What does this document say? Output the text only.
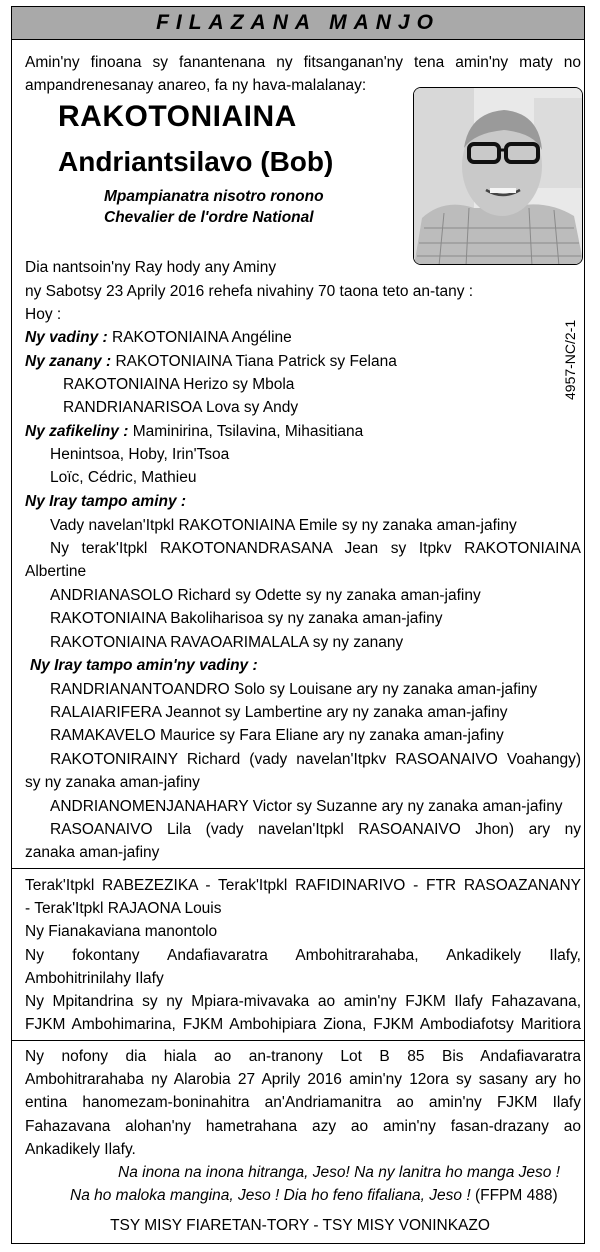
FILAZANA MANJO
Amin'ny finoana sy fanantenana ny fitsanganan'ny tena amin'ny maty no
ampandrenesanay anareo, fa ny hava-malalanay:
RAKOTONIAINA
Andriantsilavo (Bob)
Mpampianatra nisotro ronono
Chevalier de l'ordre National
4957-NC/2-1
Dia nantsoin'ny Ray hody any Aminy
ny Sabotsy 23 Aprily 2016 rehefa nivahiny 70 taona teto an-tany :
Hoy :
Ny vadiny : RAKOTONIAINA Angéline
Ny zanany : RAKOTONIAINA Tiana Patrick sy Felana
RAKOTONIAINA Herizo sy Mbola
RANDRIANARISOA Lova sy Andy
Ny zafikeliny : Maminirina, Tsilavina, Mihasitiana
Henintsoa, Hoby, Irin'Tsoa
Loïc, Cédric, Mathieu
Ny Iray tampo aminy :
Vady navelan'Itpkl RAKOTONIAINA Emile sy ny zanaka aman-jafiny
Ny terak'Itpkl RAKOTONANDRASANA Jean sy Itpkv RAKOTONIAINA
Albertine
ANDRIANASOLO Richard sy Odette sy ny zanaka aman-jafiny
RAKOTONIAINA Bakoliharisoa sy ny zanaka aman-jafiny
RAKOTONIAINA RAVAOARIMALALA sy ny zanany
Ny Iray tampo amin'ny vadiny :
RANDRIANANTOANDRO Solo sy Louisane ary ny zanaka aman-jafiny
RALAIARIFERA Jeannot sy Lambertine ary ny zanaka aman-jafiny
RAMAKAVELO Maurice sy Fara Eliane ary ny zanaka aman-jafiny
RAKOTONIRAINY Richard (vady navelan'Itpkv RASOANAIVO Voahangy)
sy ny zanaka aman-jafiny
ANDRIANOMENJANAHARY Victor sy Suzanne ary ny zanaka aman-jafiny
RASOANAIVO Lila (vady navelan'Itpkl RASOANAIVO Jhon) ary ny
zanaka aman-jafiny
Terak'Itpkl RABEZEZIKA - Terak'Itpkl RAFIDINARIVO - FTR RASOAZANANY
- Terak'Itpkl RAJAONA Louis
Ny Fianakaviana manontolo
Ny fokontany Andafiavaratra Ambohitrarahaba, Ankadikely Ilafy,
Ambohitrinilahy Ilafy
Ny Mpitandrina sy ny Mpiara-mivavaka ao amin'ny FJKM Ilafy Fahazavana,
FJKM Ambohimarina, FJKM Ambohipiara Ziona, FJKM Ambodiafotsy Maritiora
Ny nofony dia hiala ao an-tranony Lot B 85 Bis Andafiavaratra
Ambohitrarahaba ny Alarobia 27 Aprily 2016 amin'ny 12ora sy sasany ary ho
entina hanomezam-boninahitra an'Andriamanitra ao amin'ny FJKM Ilafy
Fahazavana alohan'ny hametrahana azy ao amin'ny fasan-drazany ao
Ankadikely Ilafy.
Na inona na inona hitranga, Jeso! Na ny lanitra ho manga Jeso !
Na ho maloka mangina, Jeso ! Dia ho feno fifaliana, Jeso ! (FFPM 488)
TSY MISY FIARETAN-TORY - TSY MISY VONINKAZO
